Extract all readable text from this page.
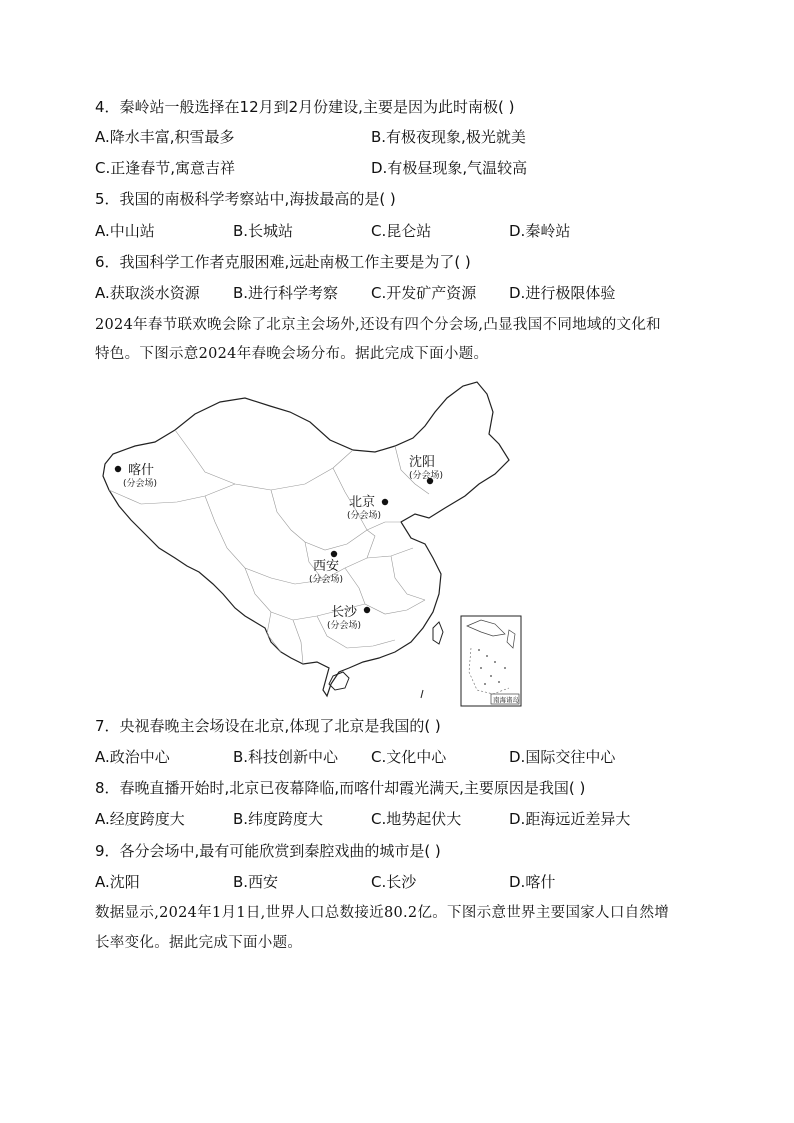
4．秦岭站一般选择在12月到2月份建设,主要是因为此时南极( )
A.降水丰富,积雪最多	B.有极夜现象,极光就美
C.正逢春节,寓意吉祥	D.有极昼现象,气温较高
5．我国的南极科学考察站中,海拔最高的是( )
A.中山站	B.长城站	C.昆仑站	D.秦岭站
6．我国科学工作者克服困难,远赴南极工作主要是为了( )
A.获取淡水资源 B.进行科学考察 C.开发矿产资源 D.进行极限体验
2024年春节联欢晚会除了北京主会场外,还设有四个分会场,凸显我国不同地域的文化和
特色。下图示意2024年春晚会场分布。据此完成下面小题。
喀什
(分会场)
沈阳
(分会场)
北京
(分会场)
西安
(分会场)
长沙
(分会场)
南海诸岛
7．央视春晚主会场设在北京,体现了北京是我国的( )
A.政治中心	B.科技创新中心 C.文化中心	D.国际交往中心
8．春晚直播开始时,北京已夜幕降临,而喀什却霞光满天,主要原因是我国( )
A.经度跨度大	B.纬度跨度大	C.地势起伏大	D.距海远近差异大
9．各分会场中,最有可能欣赏到秦腔戏曲的城市是( )
A.沈阳	B.西安	C.长沙	D.喀什
数据显示,2024年1月1日,世界人口总数接近80.2亿。下图示意世界主要国家人口自然增
长率变化。据此完成下面小题。
